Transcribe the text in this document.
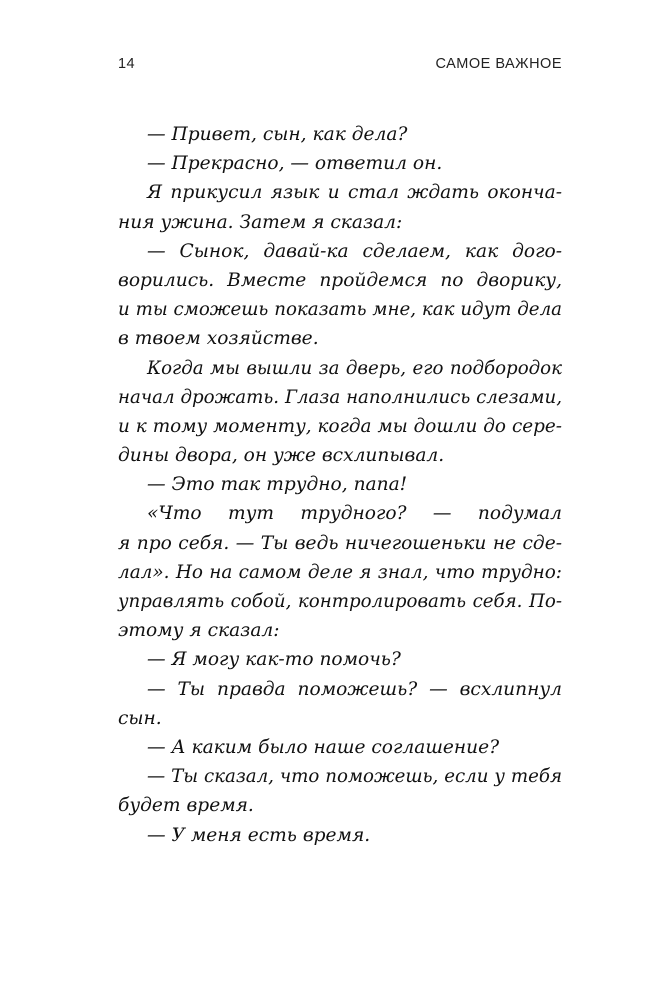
14	САМОЕ ВАЖНОЕ
— Привет, сын, как дела?
— Прекрасно, — ответил он.
Я прикусил язык и стал ждать оконча-
ния ужина. Затем я сказал:
— Сынок, давай-ка сделаем, как дого-
ворились. Вместе пройдемся по дворику,
и ты сможешь показать мне, как идут дела
в твоем хозяйстве.
Когда мы вышли за дверь, его подбородок
начал дрожать. Глаза наполнились слезами,
и к тому моменту, когда мы дошли до сере-
дины двора, он уже всхлипывал.
— Это так трудно, папа!
«Что тут трудного? — подумал
я про себя. — Ты ведь ничегошеньки не сде-
лал». Но на самом деле я знал, что трудно:
управлять собой, контролировать себя. По-
этому я сказал:
— Я могу как-то помочь?
— Ты правда поможешь? — всхлипнул
сын.
— А каким было наше соглашение?
— Ты сказал, что поможешь, если у тебя
будет время.
— У меня есть время.
